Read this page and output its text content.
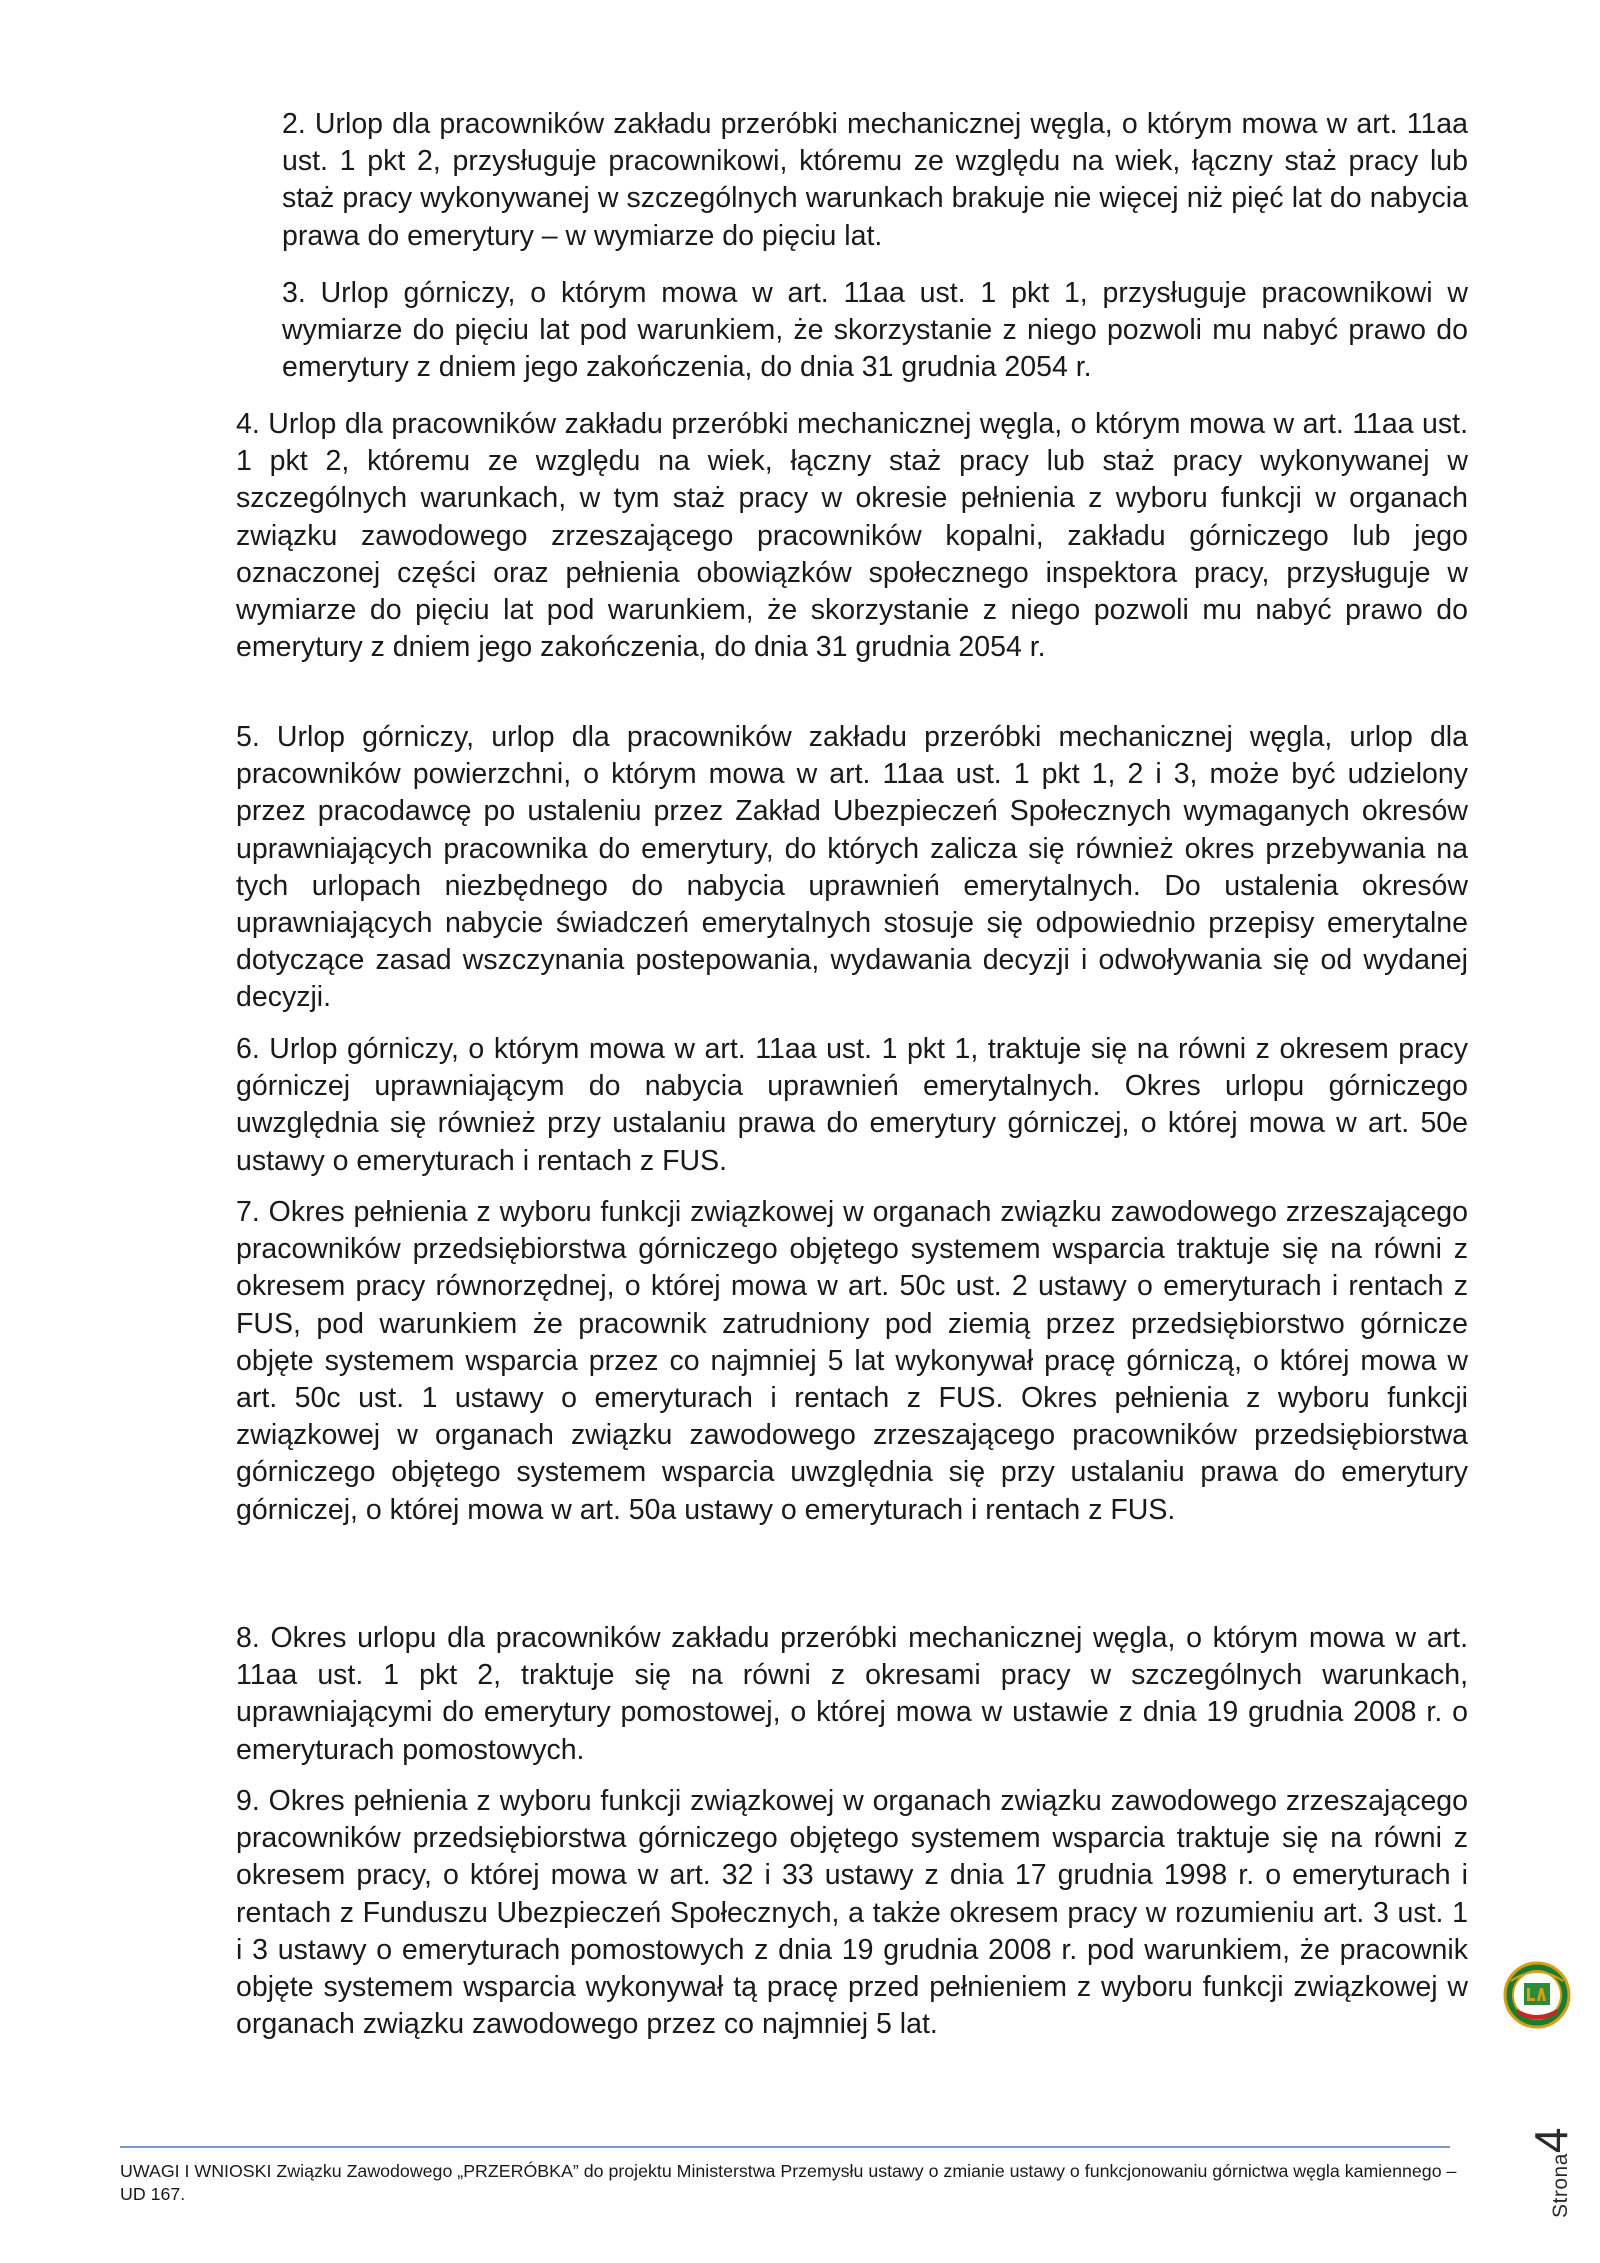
2. Urlop dla pracowników zakładu przeróbki mechanicznej węgla, o którym mowa w art. 11aa ust. 1 pkt 2, przysługuje pracownikowi, któremu ze względu na wiek, łączny staż pracy lub staż pracy wykonywanej w szczególnych warunkach brakuje nie więcej niż pięć lat do nabycia prawa do emerytury – w wymiarze do pięciu lat.

3. Urlop górniczy, o którym mowa w art. 11aa ust. 1 pkt 1, przysługuje pracownikowi w wymiarze do pięciu lat pod warunkiem, że skorzystanie z niego pozwoli mu nabyć prawo do emerytury z dniem jego zakończenia, do dnia 31 grudnia 2054 r.

4. Urlop dla pracowników zakładu przeróbki mechanicznej węgla, o którym mowa w art. 11aa ust. 1 pkt 2, któremu ze względu na wiek, łączny staż pracy lub staż pracy wykonywanej w szczególnych warunkach, w tym staż pracy w okresie pełnienia z wyboru funkcji w organach związku zawodowego zrzeszającego pracowników kopalni, zakładu górniczego lub jego oznaczonej części oraz pełnienia obowiązków społecznego inspektora pracy, przysługuje w wymiarze do pięciu lat pod warunkiem, że skorzystanie z niego pozwoli mu nabyć prawo do emerytury z dniem jego zakończenia, do dnia 31 grudnia 2054 r.

5. Urlop górniczy, urlop dla pracowników zakładu przeróbki mechanicznej węgla, urlop dla pracowników powierzchni, o którym mowa w art. 11aa ust. 1 pkt 1, 2 i 3, może być udzielony przez pracodawcę po ustaleniu przez Zakład Ubezpieczeń Społecznych wymaganych okresów uprawniających pracownika do emerytury, do których zalicza się również okres przebywania na tych urlopach niezbędnego do nabycia uprawnień emerytalnych. Do ustalenia okresów uprawniających nabycie świadczeń emerytalnych stosuje się odpowiednio przepisy emerytalne dotyczące zasad wszczynania postepowania, wydawania decyzji i odwoływania się od wydanej decyzji.

6. Urlop górniczy, o którym mowa w art. 11aa ust. 1 pkt 1, traktuje się na równi z okresem pracy górniczej uprawniającym do nabycia uprawnień emerytalnych. Okres urlopu górniczego uwzględnia się również przy ustalaniu prawa do emerytury górniczej, o której mowa w art. 50e ustawy o emeryturach i rentach z FUS.

7. Okres pełnienia z wyboru funkcji związkowej w organach związku zawodowego zrzeszającego pracowników przedsiębiorstwa górniczego objętego systemem wsparcia traktuje się na równi z okresem pracy równorzędnej, o której mowa w art. 50c ust. 2 ustawy o emeryturach i rentach z FUS, pod warunkiem że pracownik zatrudniony pod ziemią przez przedsiębiorstwo górnicze objęte systemem wsparcia przez co najmniej 5 lat wykonywał pracę górniczą, o której mowa w art. 50c ust. 1 ustawy o emeryturach i rentach z FUS. Okres pełnienia z wyboru funkcji związkowej w organach związku zawodowego zrzeszającego pracowników przedsiębiorstwa górniczego objętego systemem wsparcia uwzględnia się przy ustalaniu prawa do emerytury górniczej, o której mowa w art. 50a ustawy o emeryturach i rentach z FUS.

8. Okres urlopu dla pracowników zakładu przeróbki mechanicznej węgla, o którym mowa w art. 11aa ust. 1 pkt 2, traktuje się na równi z okresami pracy w szczególnych warunkach, uprawniającymi do emerytury pomostowej, o której mowa w ustawie z dnia 19 grudnia 2008 r. o emeryturach pomostowych.

9. Okres pełnienia z wyboru funkcji związkowej w organach związku zawodowego zrzeszającego pracowników przedsiębiorstwa górniczego objętego systemem wsparcia traktuje się na równi z okresem pracy, o której mowa w art. 32 i 33 ustawy z dnia 17 grudnia 1998 r. o emeryturach i rentach z Funduszu Ubezpieczeń Społecznych, a także okresem pracy w rozumieniu art. 3 ust. 1 i 3 ustawy o emeryturach pomostowych z dnia 19 grudnia 2008 r. pod warunkiem, że pracownik objęte systemem wsparcia wykonywał tą pracę przed pełnieniem z wyboru funkcji związkowej w organach związku zawodowego przez co najmniej 5 lat.

Strona4
UWAGI I WNIOSKI Związku Zawodowego „PRZERÓBKA” do projektu Ministerstwa Przemysłu ustawy o zmianie ustawy o funkcjonowaniu górnictwa węgla kamiennego – UD 167.
